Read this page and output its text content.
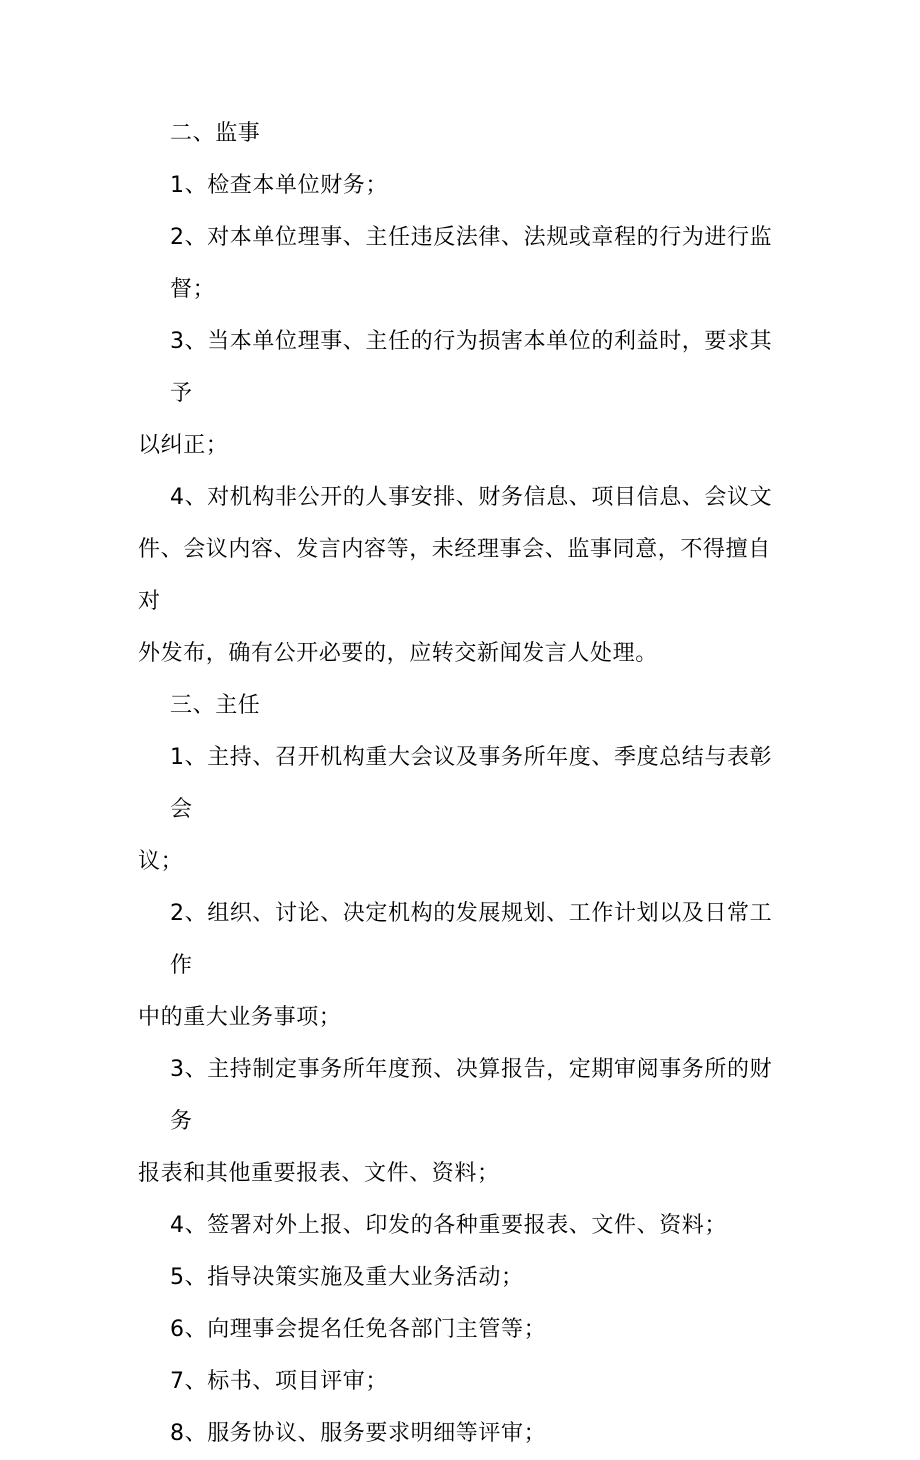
二、监事

1、检查本单位财务；

2、对本单位理事、主任违反法律、法规或章程的行为进行监督；

3、当本单位理事、主任的行为损害本单位的利益时，要求其予
以纠正；

4、对机构非公开的人事安排、财务信息、项目信息、会议文
件、会议内容、发言内容等，未经理事会、监事同意，不得擅自对
外发布，确有公开必要的，应转交新闻发言人处理。

三、主任

1、主持、召开机构重大会议及事务所年度、季度总结与表彰会
议；

2、组织、讨论、决定机构的发展规划、工作计划以及日常工作
中的重大业务事项；

3、主持制定事务所年度预、决算报告，定期审阅事务所的财务
报表和其他重要报表、文件、资料；

4、签署对外上报、印发的各种重要报表、文件、资料；

5、指导决策实施及重大业务活动；

6、向理事会提名任免各部门主管等；

7、标书、项目评审；

8、服务协议、服务要求明细等评审；
